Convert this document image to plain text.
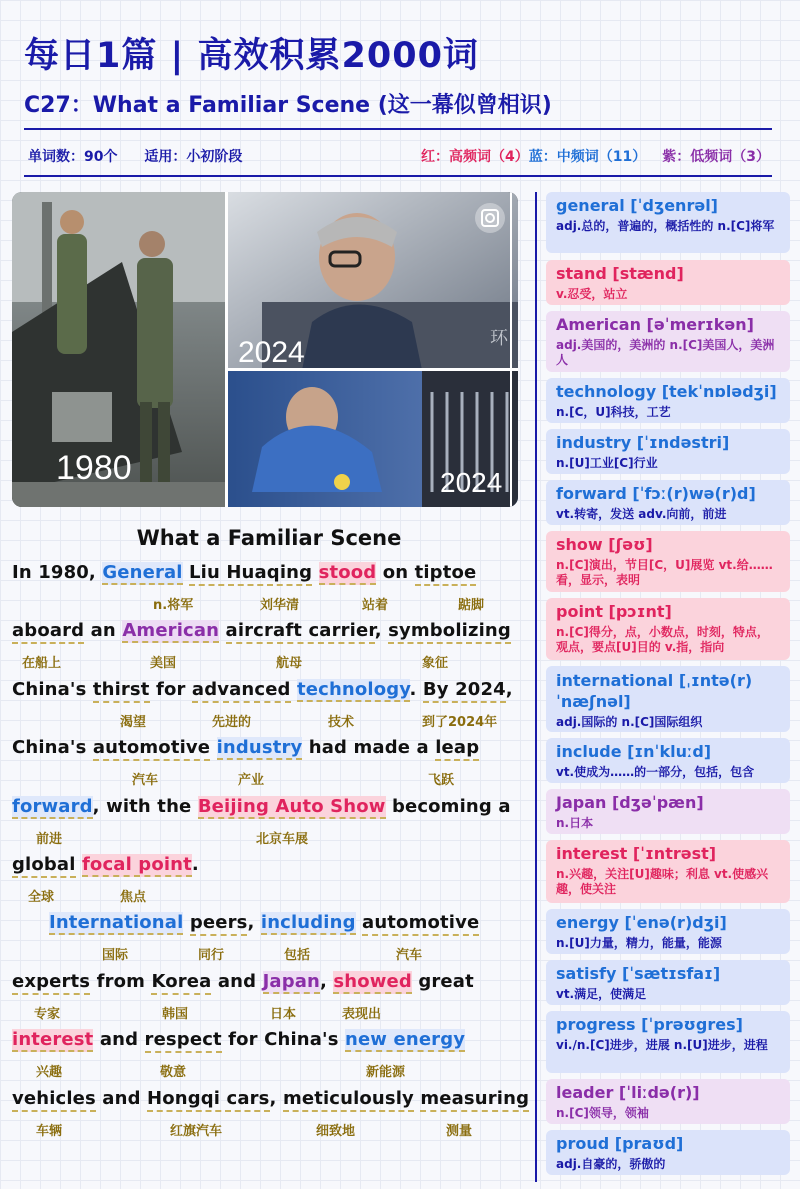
每日1篇 | 高效积累2000词
C27：What a Familiar Scene (这一幕似曾相识)
单词数：90个 适用：小初阶段	红：高频词（4）蓝：中频词（11） 紫：低频词（3）
1980
2024
2024
环
What a Familiar Scene
In 1980, General Liu Huaqing stood on tiptoe
n.将军	刘华清	站着	踮脚
aboard an American aircraft carrier, symbolizing
在船上	美国	航母	象征
China's thirst for advanced technology. By 2024,
渴望	先进的	技术	到了2024年
China's automotive industry had made a leap
汽车	产业	飞跃
forward, with the Beijing Auto Show becoming a
前进	北京车展
global focal point.
全球	焦点
International peers, including automotive
国际	同行	包括	汽车
experts from Korea and Japan, showed great
专家	韩国	日本	表现出
interest and respect for China's new energy
兴趣	敬意	新能源
vehicles and Hongqi cars, meticulously measuring
车辆	红旗汽车	细致地	测量
general [ˈdʒenrəl]
adj.总的，普遍的，概括性的 n.[C]将军
stand [stænd]
v.忍受，站立
American [əˈmerɪkən]
adj.美国的，美洲的 n.[C]美国人，美洲人
technology [tekˈnɒlədʒi]
n.[C，U]科技，工艺
industry [ˈɪndəstri]
n.[U]工业[C]行业
forward [ˈfɔː(r)wə(r)d]
vt.转寄，发送 adv.向前，前进
show [ʃəʊ]
n.[C]演出，节目[C，U]展览 vt.给……看，显示，表明
point [pɔɪnt]
n.[C]得分，点，小数点，时刻，特点，观点，要点[U]目的 v.指，指向
international [ˌɪntə(r)ˈnæʃnəl]
adj.国际的 n.[C]国际组织
include [ɪnˈkluːd]
vt.使成为……的一部分，包括，包含
Japan [dʒəˈpæn]
n.日本
interest [ˈɪntrəst]
n.兴趣，关注[U]趣味；利息 vt.使感兴趣，使关注
energy [ˈenə(r)dʒi]
n.[U]力量，精力，能量，能源
satisfy [ˈsætɪsfaɪ]
vt.满足，使满足
progress [ˈprəʊgres]
vi./n.[C]进步，进展 n.[U]进步，进程
leader [ˈliːdə(r)]
n.[C]领导，领袖
proud [praʊd]
adj.自豪的，骄傲的
